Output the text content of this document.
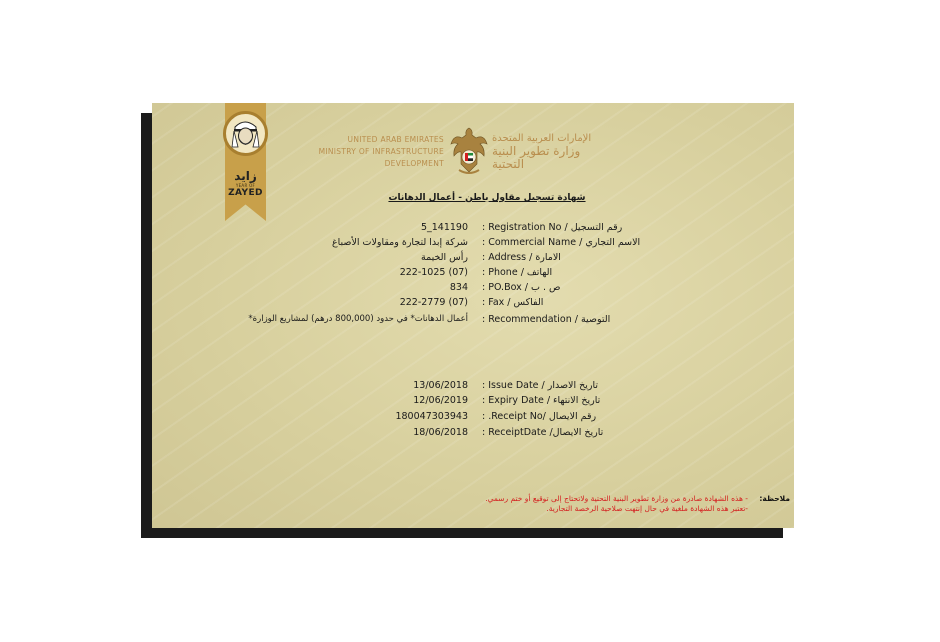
زايد
YEAR OF
ZAYED
UNITED ARAB EMIRATES
MINISTRY OF INFRASTRUCTURE
DEVELOPMENT
الإمارات العربية المتحدة
وزارة تطوير البنية
التحتية
شهادة تسجيل مقاول باطن - أعمال الدهانات
141190_5 رقم التسجيل / Registration No :
شركة إبدا لتجارة ومقاولات الأصباغ الاسم التجاري / Commercial Name :
رأس الخيمة الامارة / Address :
(07) 222-1025 الهاتف / Phone :
834 ص . ب / PO.Box :
(07) 222-2779 الفاكس / Fax :
أعمال الدهانات* في حدود (800,000 درهم) لمشاريع الوزارة* التوصية / Recommendation :
13/06/2018 تاريخ الاصدار / Issue Date :
12/06/2019 تاريخ الانتهاء / Expiry Date :
180047303943 رقم الايصال /Receipt No. :
18/06/2018 تاريخ الايصال/ ReceiptDate :
ملاحظة:
- هذه الشهادة صادرة من وزارة تطوير البنية التحتية ولاتحتاج إلى توقيع أو ختم رسمي.
-تعتبر هذه الشهادة ملغية في حال إنتهت صلاحية الرخصة التجارية.
